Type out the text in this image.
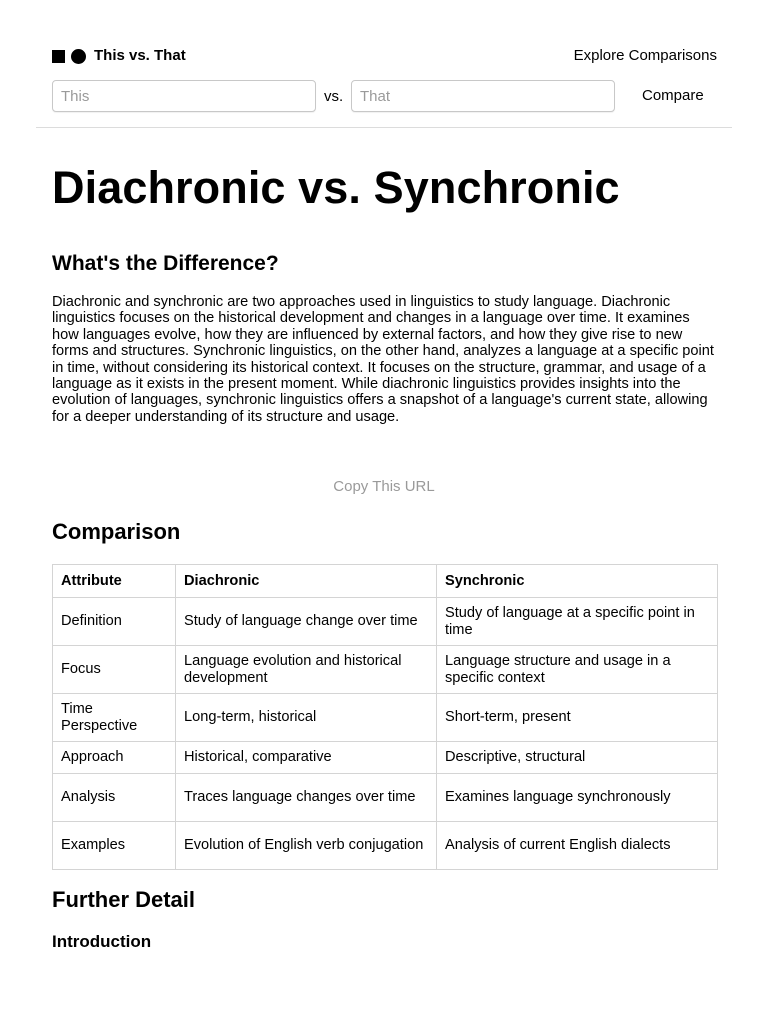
This vs. That	Explore Comparisons
This
vs.
That	Compare
Diachronic vs. Synchronic
What's the Difference?

Diachronic and synchronic are two approaches used in linguistics to study language. Diachronic linguistics focuses on the historical development and changes in a language over time. It examines how languages evolve, how they are influenced by external factors, and how they give rise to new forms and structures. Synchronic linguistics, on the other hand, analyzes a language at a specific point in time, without considering its historical context. It focuses on the structure, grammar, and usage of a language as it exists in the present moment. While diachronic linguistics provides insights into the evolution of languages, synchronic linguistics offers a snapshot of a language's current state, allowing for a deeper understanding of its structure and usage.

Copy This URL
Comparison
Attribute	Diachronic	Synchronic
Definition	Study of language change over time	Study of language at a specific point in time
Focus	Language evolution and historical development	Language structure and usage in a specific context
Time Perspective	Long-term, historical	Short-term, present
Approach	Historical, comparative	Descriptive, structural
Analysis	Traces language changes over time	Examines language synchronously
Examples	Evolution of English verb conjugation	Analysis of current English dialects
Further Detail
Introduction
